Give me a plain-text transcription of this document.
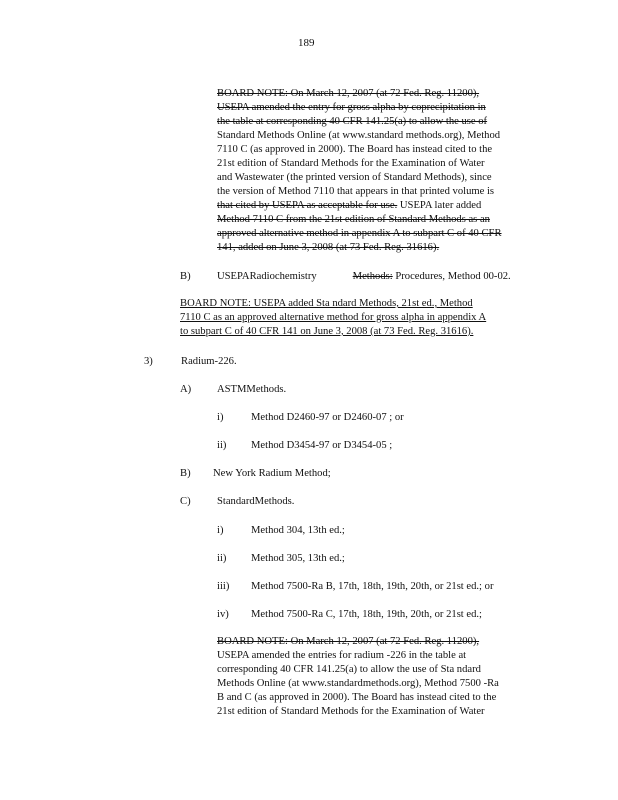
189
BOARD NOTE: On March 12, 2007 (at 72 Fed. Reg. 11200),
USEPA amended the entry for gross alpha by coprecipitation in
the table at corresponding 40 CFR 141.25(a) to allow the use of
Standard Methods Online (at www.standard methods.org), Method
7110 C (as approved in 2000). The Board has instead cited to the
21st edition of Standard Methods for the Examination of Water
and Wastewater (the printed version of Standard Methods), since
the version of Method 7110 that appears in that printed volume is
that cited by USEPA as acceptable for use. USEPA later added
Method 7110 C from the 21st edition of Standard Methods as an
approved alternative method in appendix A to subpart C of 40 CFR
141, added on June 3, 2008 (at 73 Fed. Reg. 31616).
B) USEPARadiochemistry	Methods: Procedures, Method 00-02.
BOARD NOTE: USEPA added Sta ndard Methods, 21st ed., Method
7110 C as an approved alternative method for gross alpha in appendix A
to subpart C of 40 CFR 141 on June 3, 2008 (at 73 Fed. Reg. 31616).
3)	Radium-226.
A) ASTMMethods.
i)	Method D2460-97 or D2460-07 ; or
ii) Method D3454-97 or D3454-05 ;
B) New York Radium Method;
C) StandardMethods.
i)	Method 304, 13th ed.;
ii) Method 305, 13th ed.;
iii) Method 7500-Ra B, 17th, 18th, 19th, 20th, or 21st ed.; or
iv) Method 7500-Ra C, 17th, 18th, 19th, 20th, or 21st ed.;
BOARD NOTE: On March 12, 2007 (at 72 Fed. Reg. 11200),
USEPA amended the entries for radium -226 in the table at
corresponding 40 CFR 141.25(a) to allow the use of Sta ndard
Methods Online (at www.standardmethods.org), Method 7500 -Ra
B and C (as approved in 2000). The Board has instead cited to the
21st edition of Standard Methods for the Examination of Water
